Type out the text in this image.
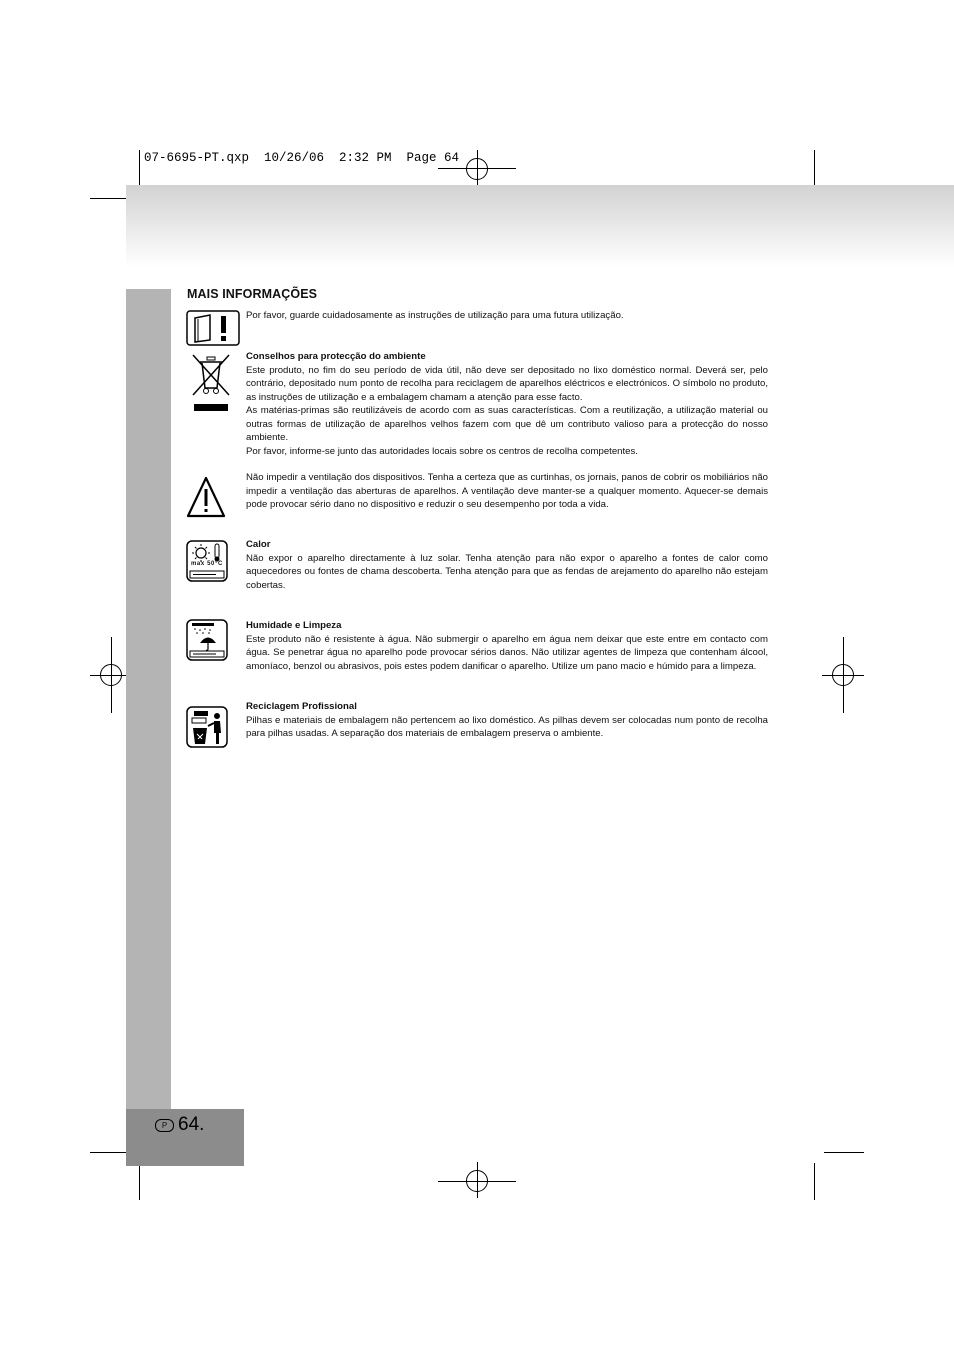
07-6695-PT.qxp  10/26/06  2:32 PM  Page 64
P 64.
MAIS INFORMAÇÕES
max 50°C

Por favor, guarde cuidadosamente as instruções de utilização para uma futura utilização.

Conselhos para protecção do ambiente

Este produto, no fim do seu período de vida útil, não deve ser depositado no lixo doméstico normal. Deverá ser, pelo contrário, depositado num ponto de recolha para reciclagem de aparelhos eléctricos e electrónicos. O símbolo no produto, as instruções de utilização e a embalagem chamam a atenção para esse facto.

As matérias-primas são reutilizáveis de acordo com as suas características. Com a reutilização, a utilização material ou outras formas de utilização de aparelhos velhos fazem com que dê um contributo valioso para a protecção do nosso ambiente.

Por favor, informe-se junto das autoridades locais sobre os centros de recolha competentes.

Não impedir a ventilação dos dispositivos. Tenha a certeza que as curtinhas, os jornais, panos de cobrir os mobiliários não impedir a ventilação das aberturas de aparelhos. A ventilação deve manter-se a qualquer momento. Aquecer-se demais pode provocar sério dano no dispositivo e reduzir o seu desempenho por toda a vida.

Calor

Não expor o aparelho directamente à luz solar. Tenha atenção para não expor o aparelho a fontes de calor como aquecedores ou fontes de chama descoberta. Tenha atenção para que as fendas de arejamento do aparelho não estejam cobertas.

Humidade e Limpeza

Este produto não é resistente à água. Não submergir o aparelho em água nem deixar que este entre em contacto com água. Se penetrar água no aparelho pode provocar sérios danos. Não utilizar agentes de limpeza que contenham álcool, amoníaco, benzol ou abrasivos, pois estes podem danificar o aparelho. Utilize um pano macio e húmido para a limpeza.

Reciclagem Profissional

Pilhas e materiais de embalagem não pertencem ao lixo doméstico. As pilhas devem ser colocadas num ponto de recolha para pilhas usadas. A separação dos materiais de embalagem preserva o ambiente.
